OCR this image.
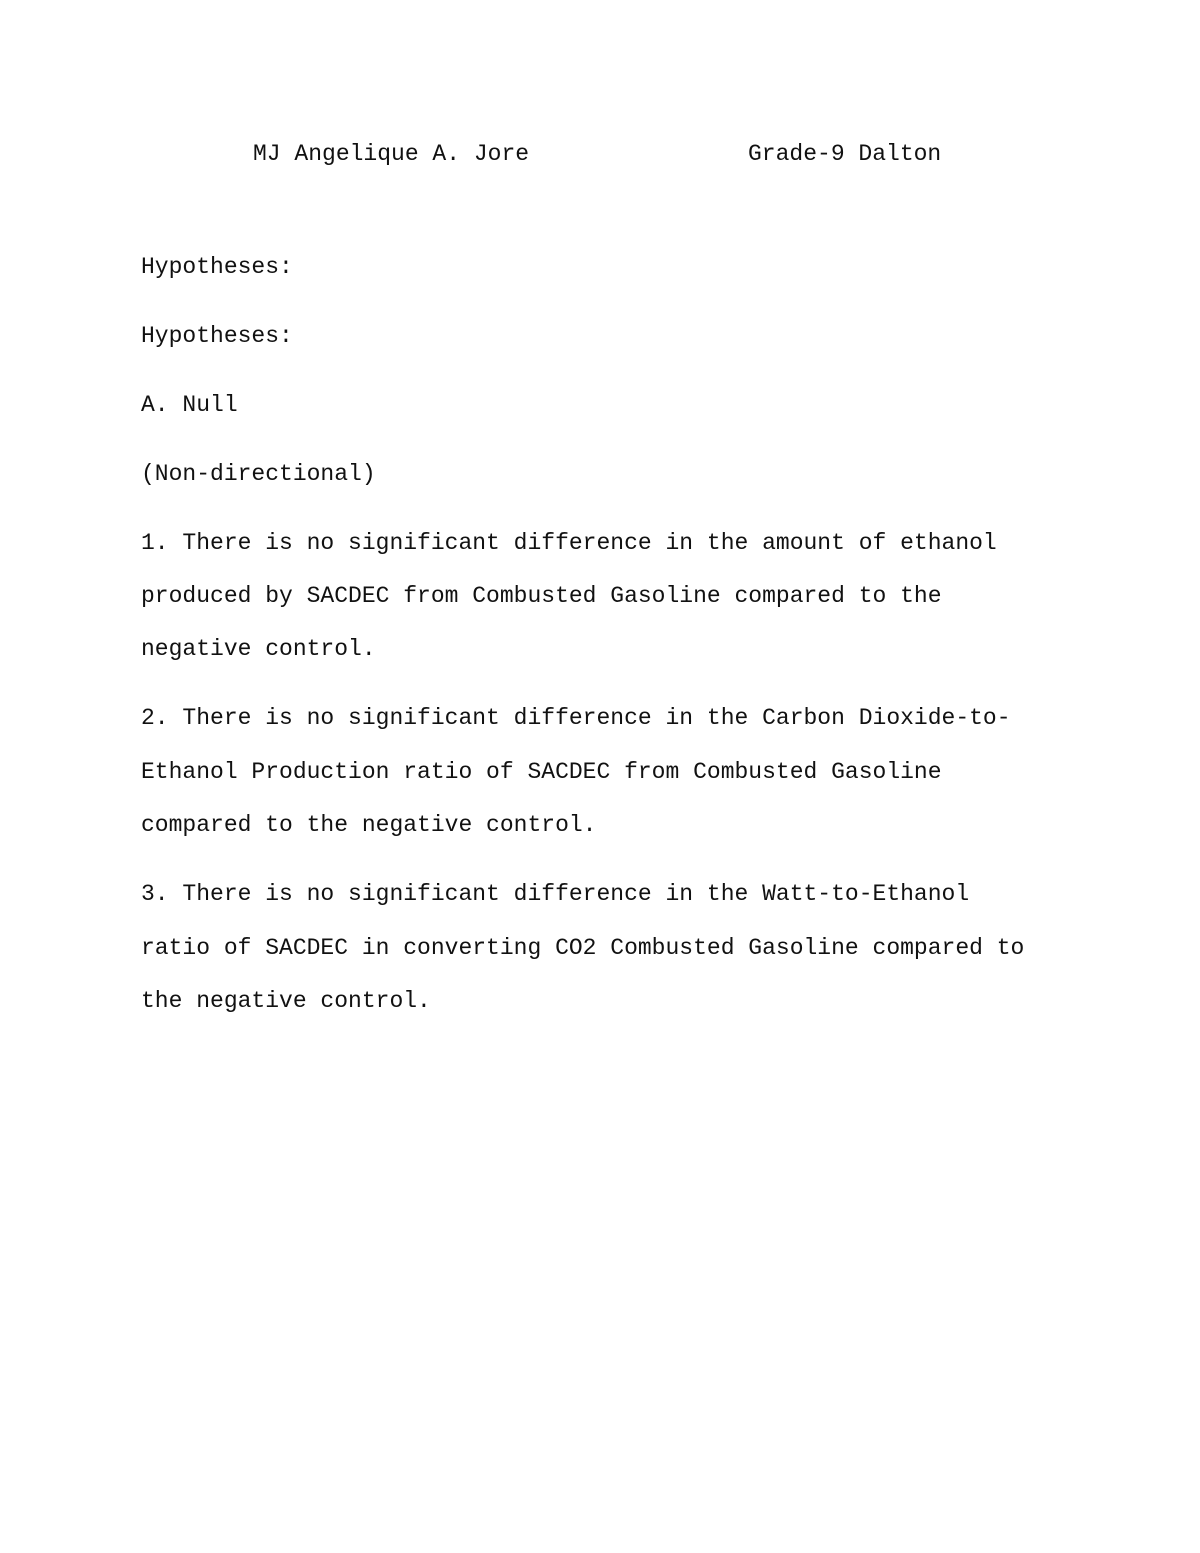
MJ Angelique A. Jore	Grade-9 Dalton

Hypotheses:

Hypotheses:

A. Null

(Non-directional)

1. There is no significant difference in the amount of ethanol

produced by SACDEC from Combusted Gasoline compared to the

negative control.

2. There is no significant difference in the Carbon Dioxide-to-

Ethanol Production ratio of SACDEC from Combusted Gasoline

compared to the negative control.

3. There is no significant difference in the Watt-to-Ethanol

ratio of SACDEC in converting CO2 Combusted Gasoline compared to

the negative control.
